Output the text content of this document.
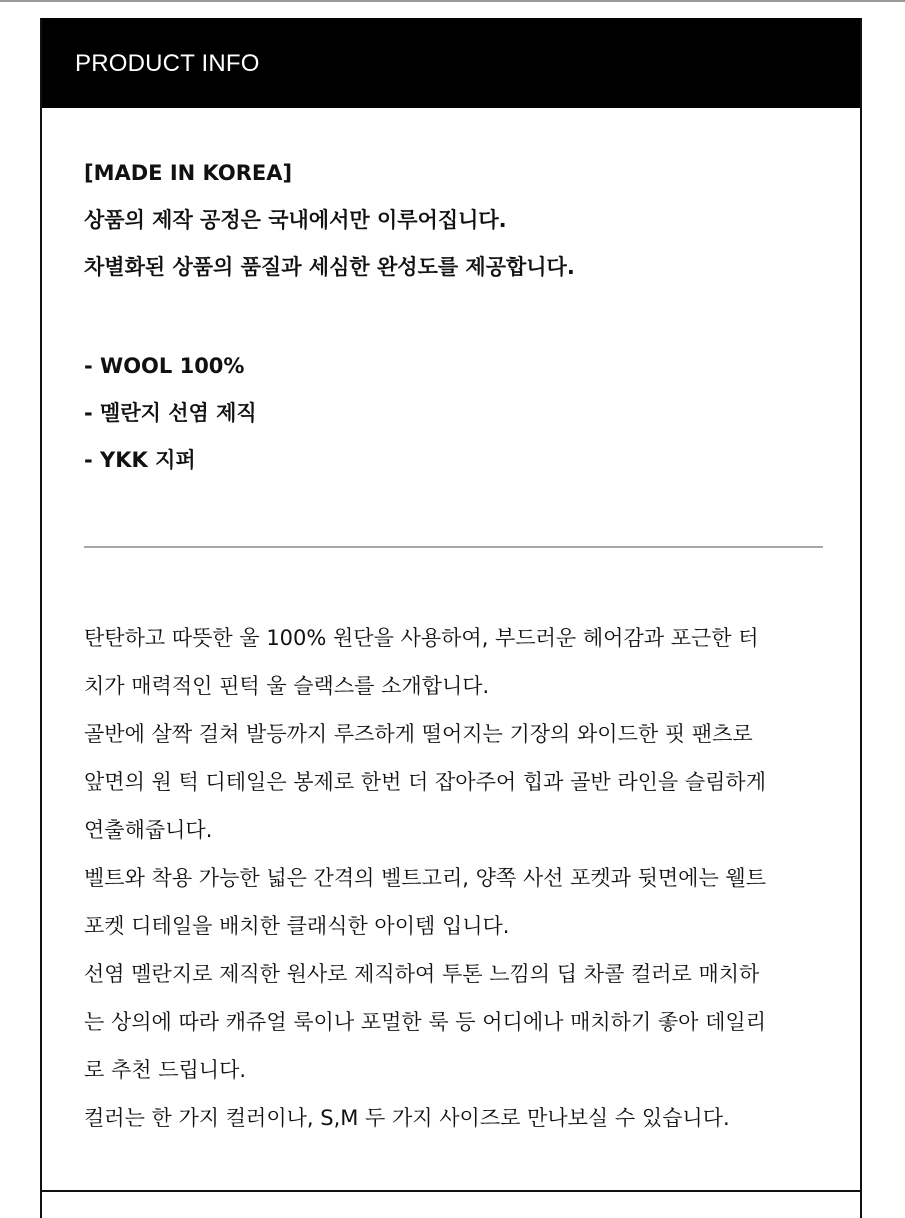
PRODUCT INFO
[MADE IN KOREA]
상품의 제작 공정은 국내에서만 이루어집니다.
차별화된 상품의 품질과 세심한 완성도를 제공합니다.
- WOOL 100%
- 멜란지 선염 제직
- YKK 지퍼
탄탄하고 따뜻한 울 100% 원단을 사용하여, 부드러운 헤어감과 포근한 터
치가 매력적인 핀턱 울 슬랙스를 소개합니다.
골반에 살짝 걸쳐 발등까지 루즈하게 떨어지는 기장의 와이드한 핏 팬츠로
앞면의 원 턱 디테일은 봉제로 한번 더 잡아주어 힙과 골반 라인을 슬림하게
연출해줍니다.
벨트와 착용 가능한 넓은 간격의 벨트고리, 양쪽 사선 포켓과 뒷면에는 웰트
포켓 디테일을 배치한 클래식한 아이템 입니다.
선염 멜란지로 제직한 원사로 제직하여 투톤 느낌의 딥 차콜 컬러로 매치하
는 상의에 따라 캐쥬얼 룩이나 포멀한 룩 등 어디에나 매치하기 좋아 데일리
로 추천 드립니다.
컬러는 한 가지 컬러이나, S,M 두 가지 사이즈로 만나보실 수 있습니다.
